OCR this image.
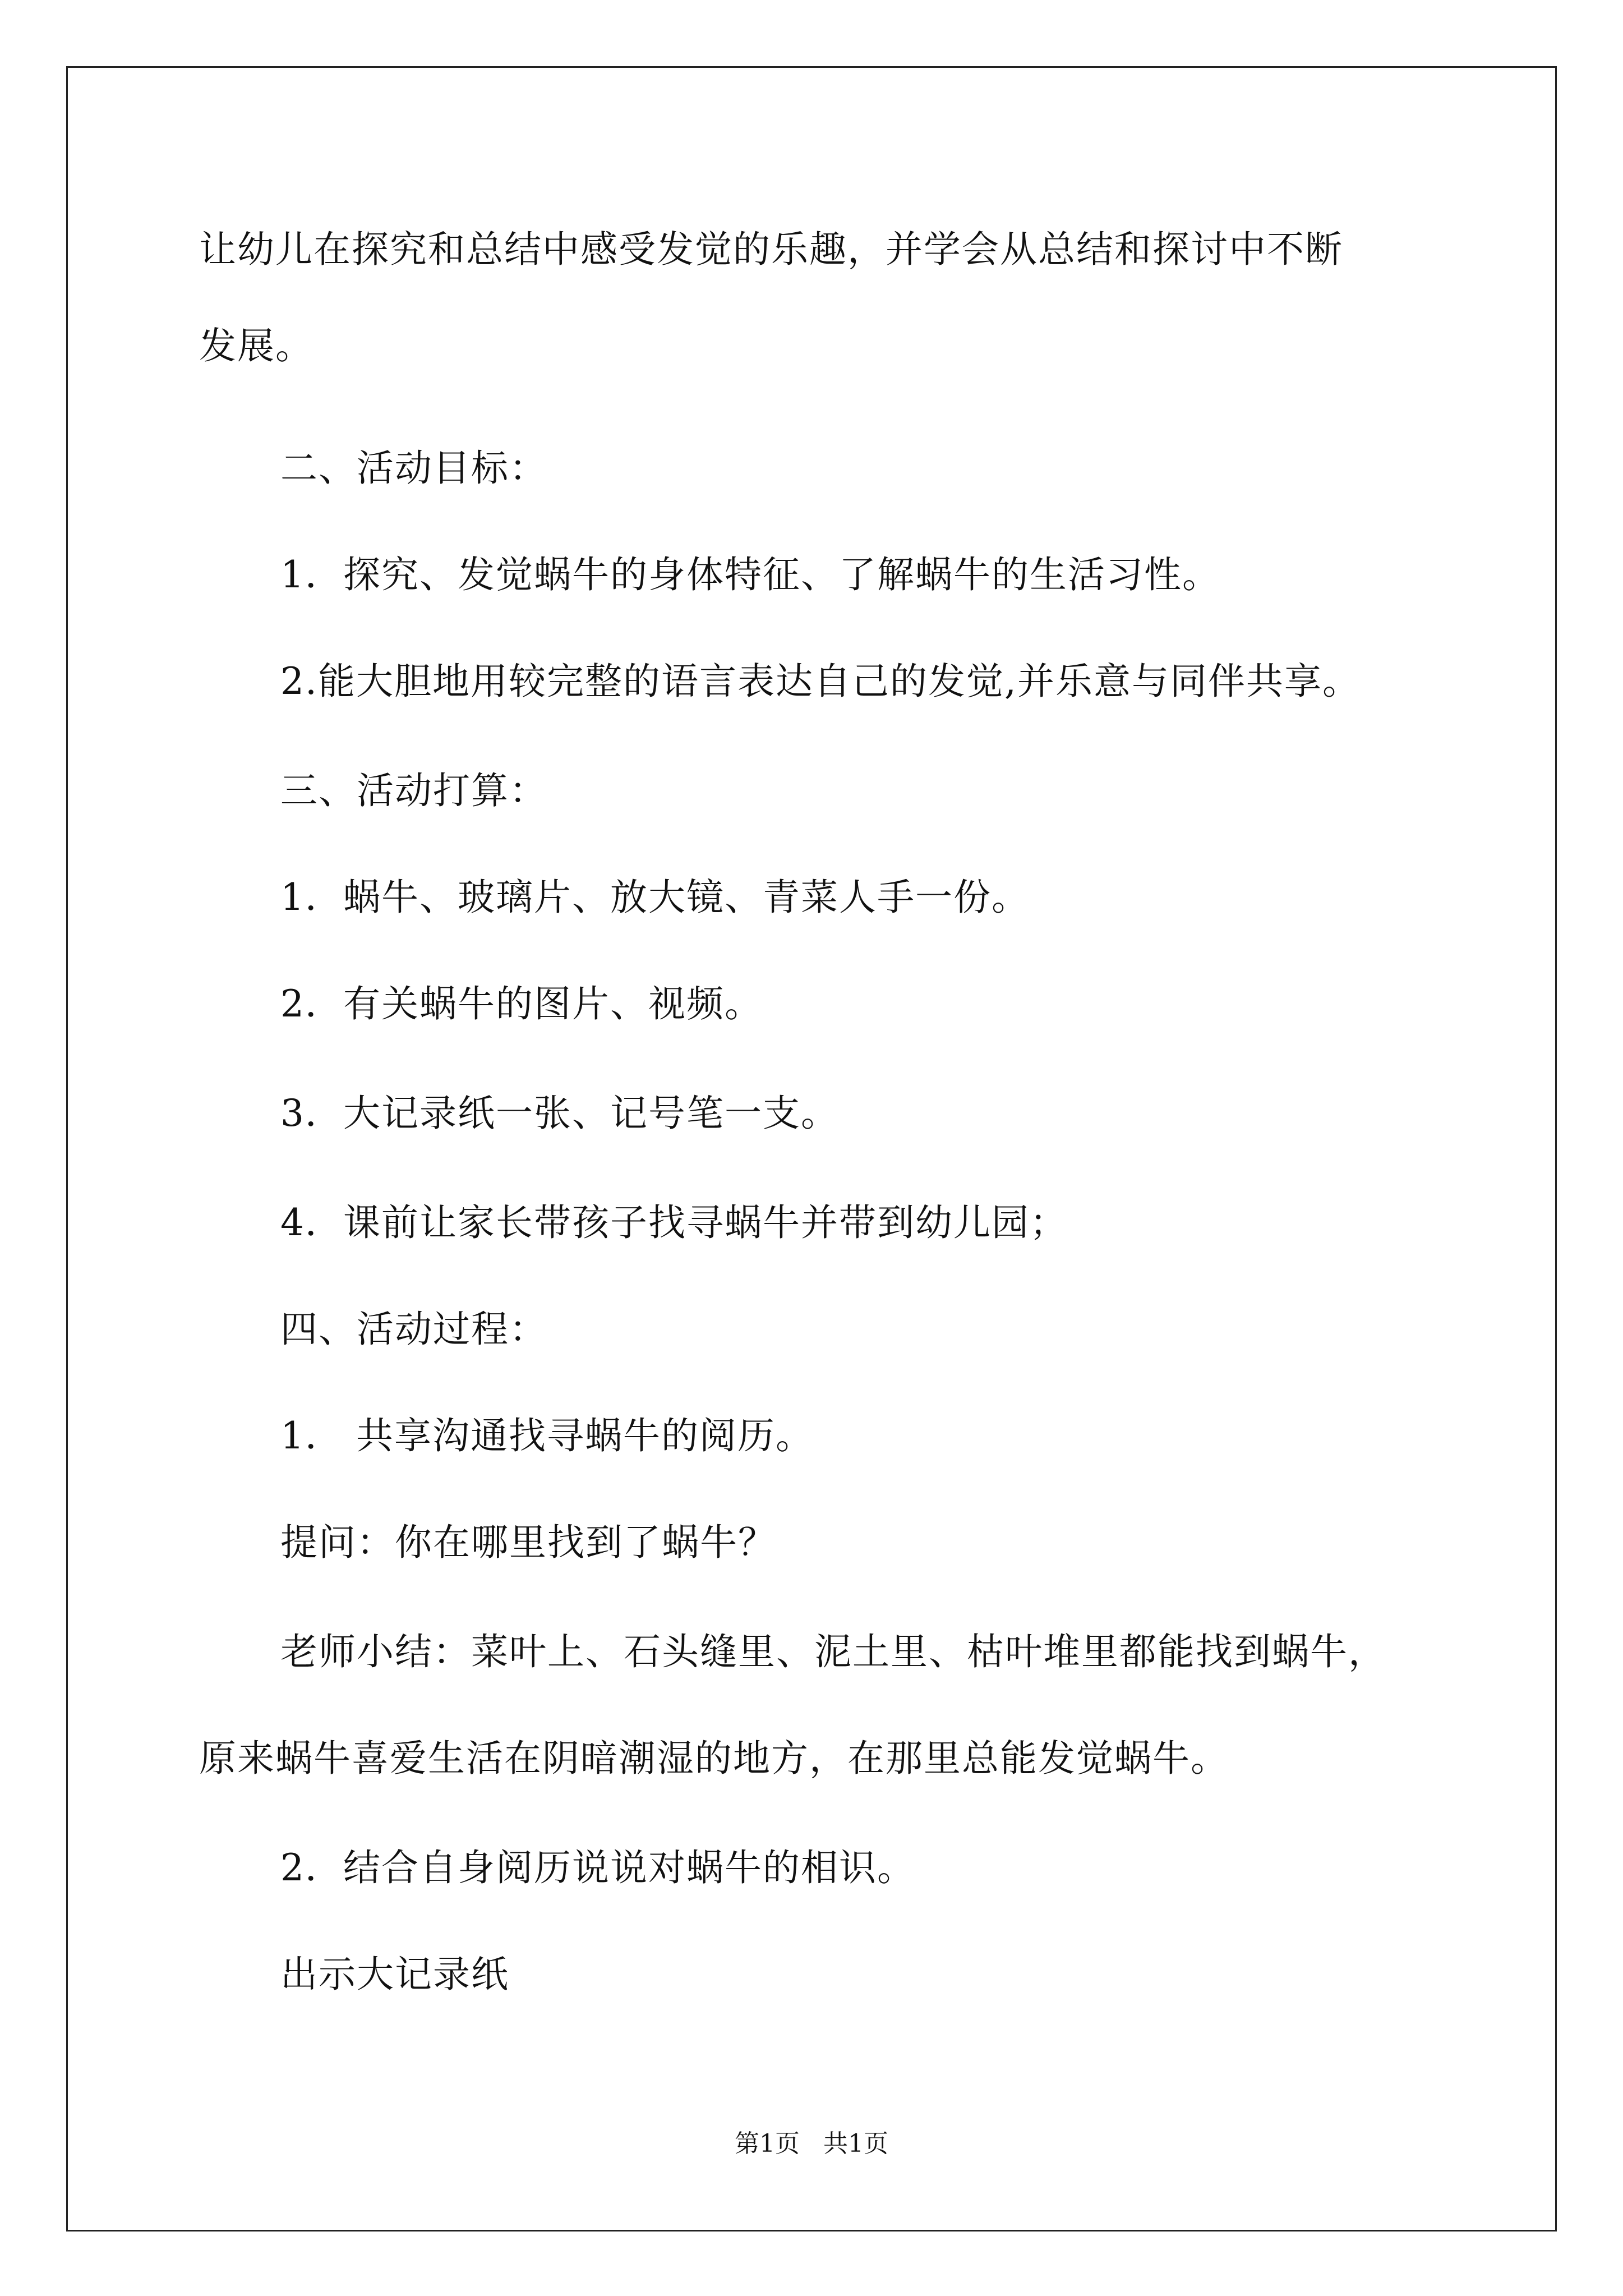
让幼儿在探究和总结中感受发觉的乐趣，并学会从总结和探讨中不断
发展。
二、活动目标：
1．探究、发觉蜗牛的身体特征、了解蜗牛的生活习性。
2.能大胆地用较完整的语言表达自己的发觉,并乐意与同伴共享。
三、活动打算：
1．蜗牛、玻璃片、放大镜、青菜人手一份。
2．有关蜗牛的图片、视频。
3．大记录纸一张、记号笔一支。
4．课前让家长带孩子找寻蜗牛并带到幼儿园；
四、活动过程：
1． 共享沟通找寻蜗牛的阅历。
提问：你在哪里找到了蜗牛？
老师小结：菜叶上、石头缝里、泥土里、枯叶堆里都能找到蜗牛，
原来蜗牛喜爱生活在阴暗潮湿的地方，在那里总能发觉蜗牛。
2．结合自身阅历说说对蜗牛的相识。
出示大记录纸
第1页   共1页
